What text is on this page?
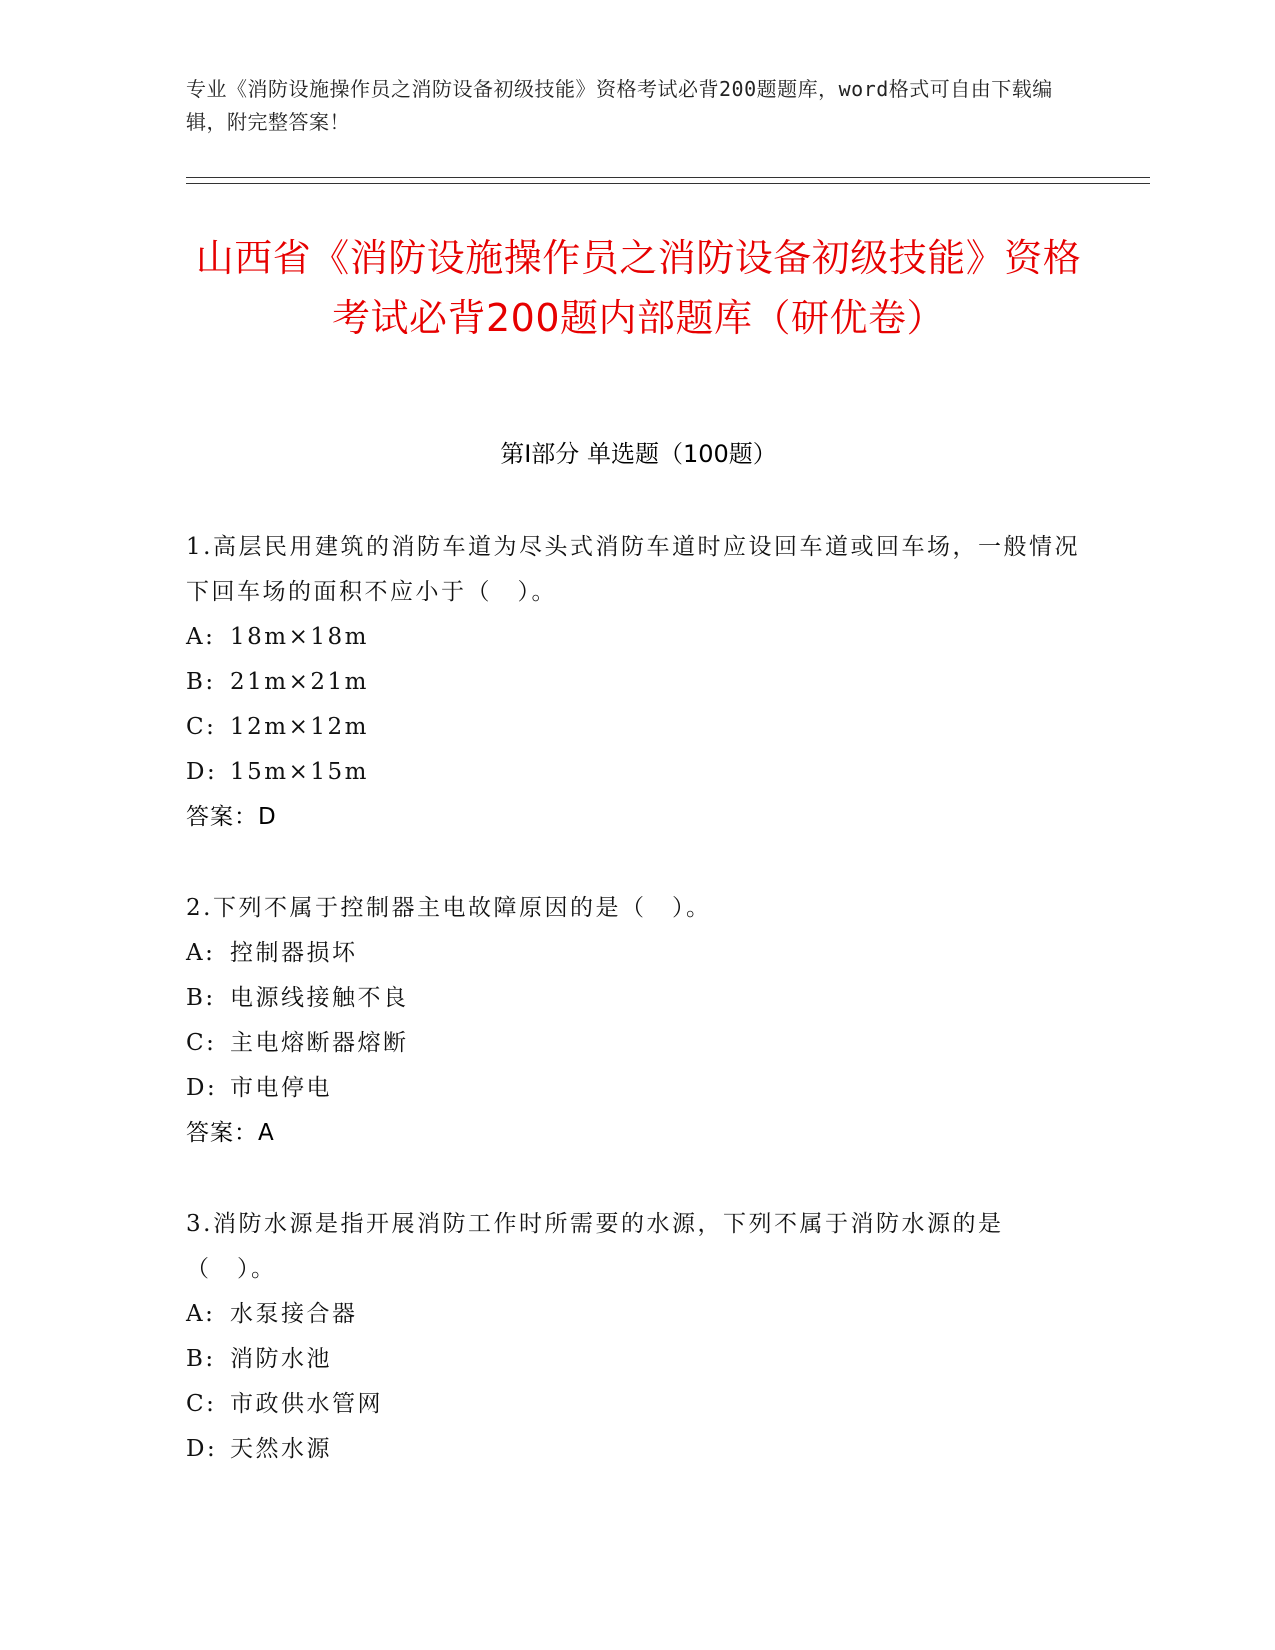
专业《消防设施操作员之消防设备初级技能》资格考试必背200题题库，word格式可自由下载编辑，附完整答案！
山西省《消防设施操作员之消防设备初级技能》资格考试必背200题内部题库（研优卷）
第I部分 单选题（100题）
1.高层民用建筑的消防车道为尽头式消防车道时应设回车道或回车场，一般情况下回车场的面积不应小于（　）。
A: 18m×18m
B: 21m×21m
C: 12m×12m
D: 15m×15m
答案：D
2.下列不属于控制器主电故障原因的是（　）。
A: 控制器损坏
B: 电源线接触不良
C: 主电熔断器熔断
D: 市电停电
答案：A
3.消防水源是指开展消防工作时所需要的水源，下列不属于消防水源的是（　）。
A: 水泵接合器
B: 消防水池
C: 市政供水管网
D: 天然水源
